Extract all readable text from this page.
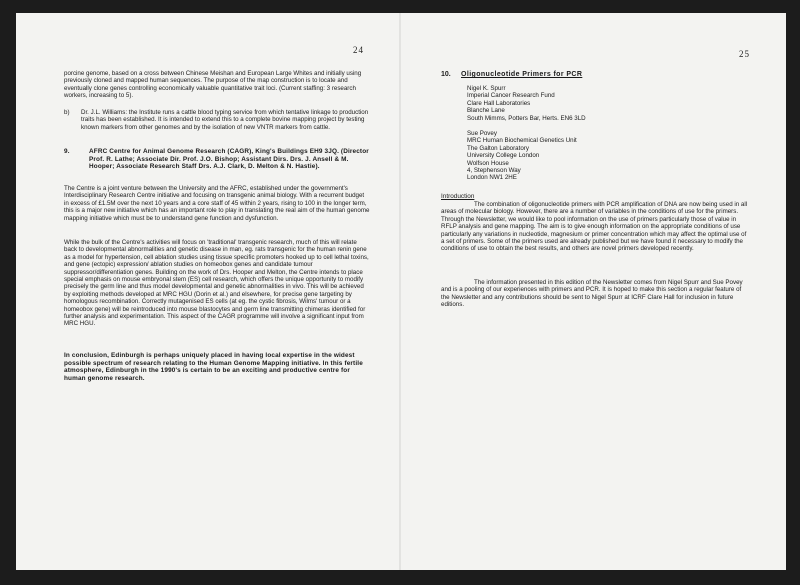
24

porcine genome, based on a cross between Chinese Meishan and European Large Whites and initially using previously cloned and mapped human sequences. The purpose of the map construction is to locate and eventually clone genes controlling economically valuable quantitative trait loci. (Current staffing: 3 research workers, increasing to 5).

b)	Dr. J.L. Williams: the Institute runs a cattle blood typing service from which tentative linkage to production traits has been established. It is intended to extend this to a complete bovine mapping project by testing known markers from other genomes and by the isolation of new VNTR markers from cattle.

9.	AFRC Centre for Animal Genome Research (CAGR), King's Buildings EH9 3JQ. (Director Prof. R. Lathe; Associate Dir. Prof. J.O. Bishop; Assistant Dirs. Drs. J. Ansell & M. Hooper; Associate Research Staff Drs. A.J. Clark, D. Melton & N. Hastie).

The Centre is a joint venture between the University and the AFRC, established under the government's Interdisciplinary Research Centre initiative and focusing on transgenic animal biology. With a recurrent budget in excess of £1.5M over the next 10 years and a core staff of 45 within 2 years, rising to 100 in the longer term, this is a major new initiative which has an important role to play in translating the real aim of the human genome mapping initiative which must be to understand gene function and dysfunction.

While the bulk of the Centre's activities will focus on 'traditional' transgenic research, much of this will relate back to developmental abnormalities and genetic disease in man, eg. rats transgenic for the human renin gene as a model for hypertension, cell ablation studies using tissue specific promoters hooked up to cell lethal toxins, and gene (ectopic) expression/ ablation studies on homeobox genes and candidate tumour suppressor/differentiation genes. Building on the work of Drs. Hooper and Melton, the Centre intends to place special emphasis on mouse embryonal stem (ES) cell research, which offers the unique opportunity to modify precisely the germ line and thus model developmental and genetic abnormalities in vivo. This will be achieved by exploiting methods developed at MRC HGU (Dorin et al.) and elsewhere, for precise gene targeting by homologous recombination. Correctly mutagenised ES cells (at eg. the cystic fibrosis, Wilms' tumour or a homeobox gene) will be reintroduced into mouse blastocytes and germ line transmitting chimeras identified for further analysis and experimentation. This aspect of the CAGR programme will involve a significant input from MRC HGU.

In conclusion, Edinburgh is perhaps uniquely placed in having local expertise in the widest possible spectrum of research relating to the Human Genome Mapping initiative. In this fertile atmosphere, Edinburgh in the 1990's is certain to be an exciting and productive centre for human genome research.

25
10.	Oligonucleotide Primers for PCR
Nigel K. Spurr
Imperial Cancer Research Fund
Clare Hall Laboratories
Blanche Lane
South Mimms, Potters Bar, Herts. EN6 3LD
Sue Povey
MRC Human Biochemical Genetics Unit
The Galton Laboratory
University College London
Wolfson House
4, Stephenson Way
London NW1 2HE
Introduction

The combination of oligonucleotide primers with PCR amplification of DNA are now being used in all areas of molecular biology. However, there are a number of variables in the conditions of use for the primers. Through the Newsletter, we would like to pool information on the use of primers particularly those of value in RFLP analysis and gene mapping. The aim is to give enough information on the appropriate conditions of use particularly any variations in nucleotide, magnesium or primer concentration which may affect the optimal use of a set of primers. Some of the primers used are already published but we have found it necessary to modify the conditions of use to obtain the best results, and others are novel primers developed recently.

The information presented in this edition of the Newsletter comes from Nigel Spurr and Sue Povey and is a pooling of our experiences with primers and PCR. It is hoped to make this section a regular feature of the Newsletter and any contributions should be sent to Nigel Spurr at ICRF Clare Hall for inclusion in future editions.
